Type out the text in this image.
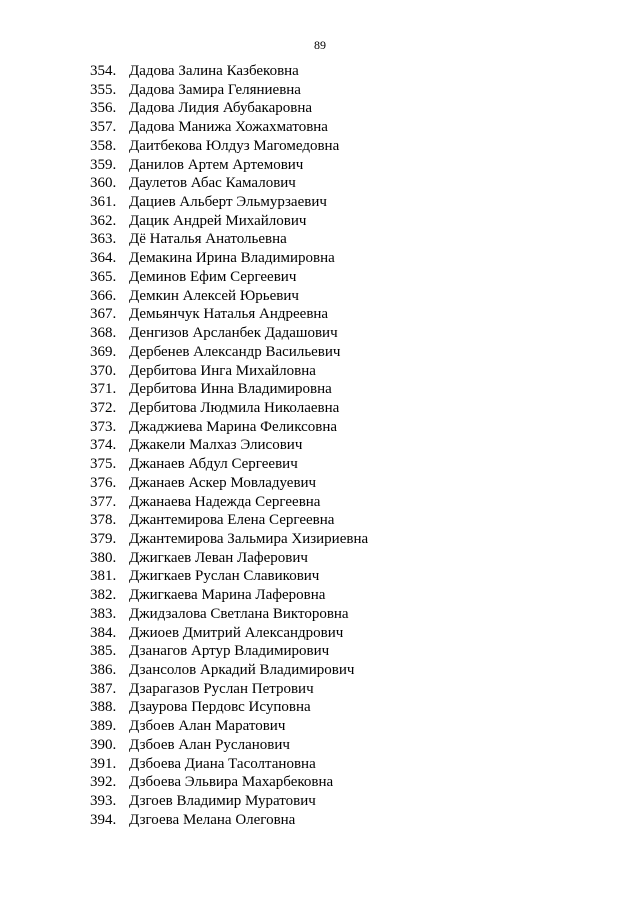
89
354. Дадова Залина Казбековна
355. Дадова Замира Геляниевна
356. Дадова Лидия Абубакаровна
357. Дадова Манижа Хожахматовна
358. Даитбекова Юлдуз Магомедовна
359. Данилов Артем Артемович
360. Даулетов Абас Камалович
361. Дациев Альберт Эльмурзаевич
362. Дацик Андрей Михайлович
363. Дё Наталья Анатольевна
364. Демакина Ирина Владимировна
365. Деминов Ефим Сергеевич
366. Демкин Алексей Юрьевич
367. Демьянчук Наталья Андреевна
368. Денгизов Арсланбек Дадашович
369. Дербенев Александр Васильевич
370. Дербитова Инга Михайловна
371. Дербитова Инна Владимировна
372. Дербитова Людмила Николаевна
373. Джаджиева Марина Феликсовна
374. Джакели Малхаз Элисович
375. Джанаев Абдул Сергеевич
376. Джанаев Аскер Мовладуевич
377. Джанаева Надежда Сергеевна
378. Джантемирова Елена Сергеевна
379. Джантемирова Зальмира Хизириевна
380. Джигкаев Леван Лаферович
381. Джигкаев Руслан Славикович
382. Джигкаева Марина Лаферовна
383. Джидзалова Светлана Викторовна
384. Джиоев Дмитрий Александрович
385. Дзанагов Артур Владимирович
386. Дзансолов Аркадий Владимирович
387. Дзарагазов Руслан Петрович
388. Дзаурова Пердовс Исуповна
389. Дзбоев Алан Маратович
390. Дзбоев Алан Русланович
391. Дзбоева Диана Тасолтановна
392. Дзбоева Эльвира Махарбековна
393. Дзгоев Владимир Муратович
394. Дзгоева Мелана Олеговна
